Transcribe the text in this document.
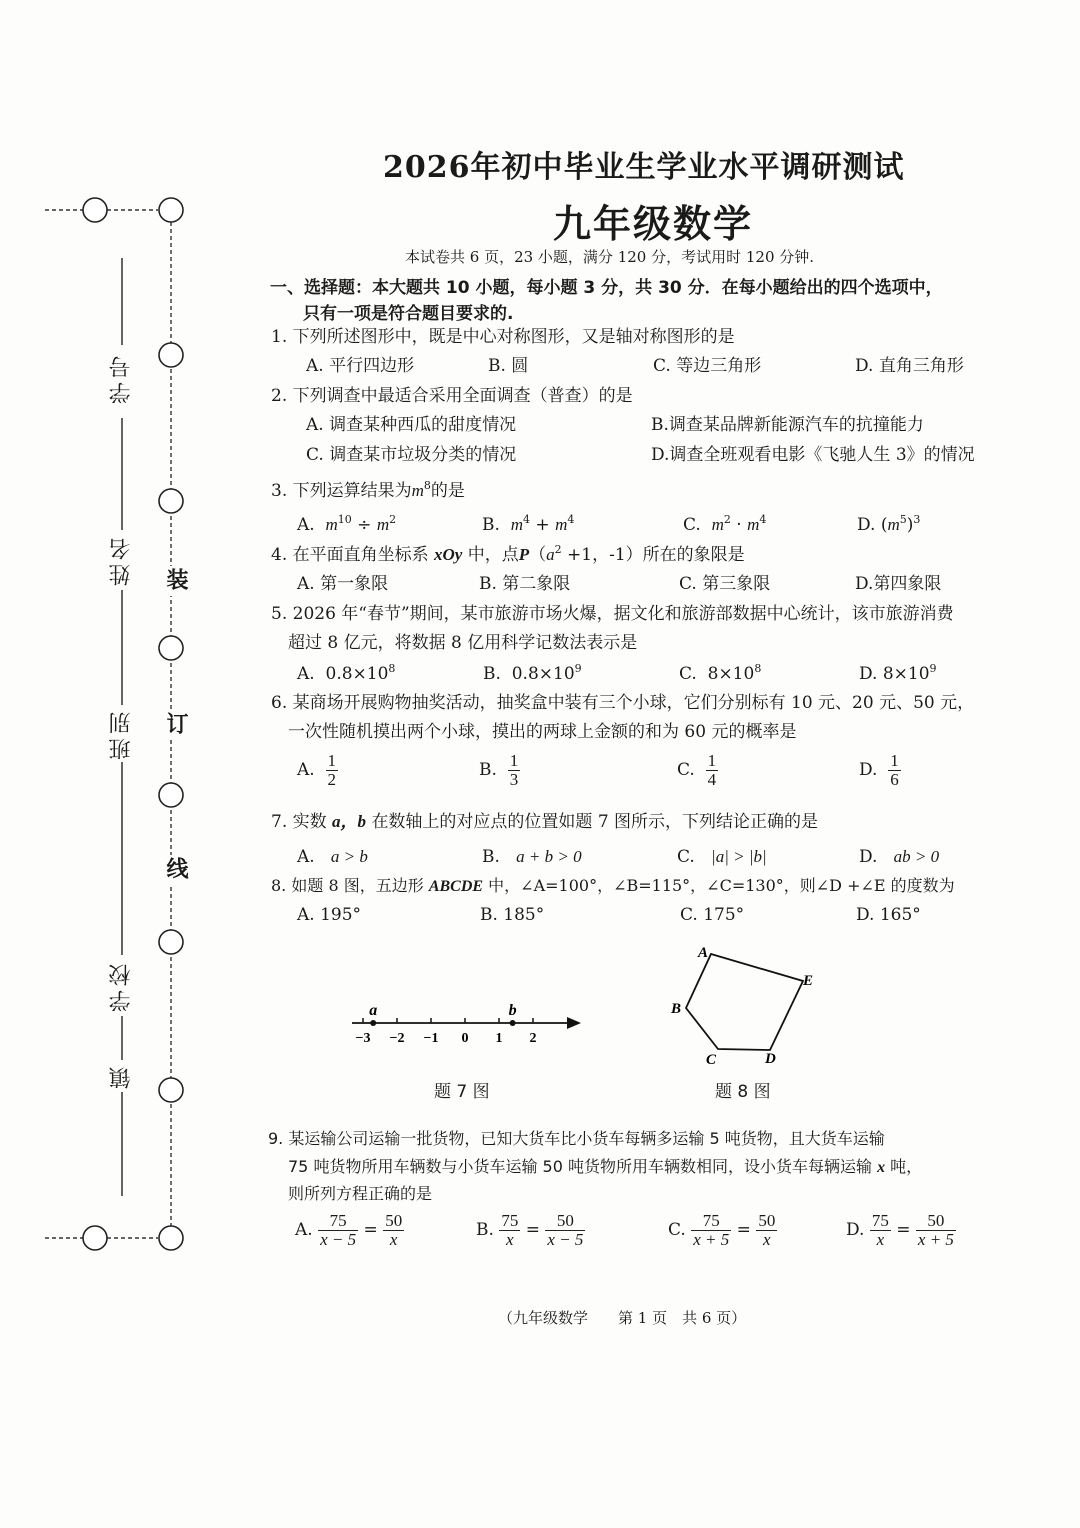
学号
姓名
班别
学校
镇
装
订
线
2026年初中毕业生学业水平调研测试
九年级数学
本试卷共 6 页，23 小题，满分 120 分，考试用时 120 分钟.
一、选择题：本大题共 10 小题，每小题 3 分，共 30 分．在每小题给出的四个选项中，
只有一项是符合题目要求的.
1. 下列所述图形中，既是中心对称图形，又是轴对称图形的是
A. 平行四边形	B. 圆	C. 等边三角形	D. 直角三角形
2. 下列调查中最适合采用全面调查（普查）的是
A. 调查某种西瓜的甜度情况	B.调查某品牌新能源汽车的抗撞能力
C. 调查某市垃圾分类的情况	D.调查全班观看电影《飞驰人生 3》的情况
3. 下列运算结果为$m^8$的是
A. $m^{10} \div m^2$	B. $m^4 + m^4$	C. $m^2 \cdot m^4$	D. $(m^5)^3$
4. 在平面直角坐标系 xOy 中，点$P(a^2 +1$，-1）所在的象限是
A. 第一象限	B. 第二象限	C. 第三象限	D.第四象限
5. 2026 年“春节”期间，某市旅游市场火爆，据文化和旅游部数据中心统计，该市旅游消费
超过 8 亿元，将数据 8 亿用科学记数法表示是
A. $0.8\times 10^8$	B. $0.8\times 10^9$	C. $8\times 10^8$	D. $8\times 10^9$
6. 某商场开展购物抽奖活动，抽奖盒中装有三个小球，它们分别标有 10 元、20 元、50 元，
一次性随机摸出两个小球，摸出的两球上金额的和为 60 元的概率是
A. $\frac{1}{2}$	B. $\frac{1}{3}$	C. $\frac{1}{4}$	D. $\frac{1}{6}$
7. 实数 a，b 在数轴上的对应点的位置如题 7 图所示，下列结论正确的是
A. a > b	B. a + b > 0	C. |a| > |b|	D. ab > 0
8. 如题 8 图，五边形 ABCDE 中，∠A=100°，∠B=115°，∠C=130°，则∠D +∠E 的度数为
A. 195°	B. 185°	C. 175°	D. 165°
−3 −2 −1 0 1 2
a	b
题 7 图
A
B
C	D
E
题 8 图
9. 某运输公司运输一批货物，已知大货车比小货车每辆多运输 5 吨货物，且大货车运输
75 吨货物所用车辆数与小货车运输 50 吨货物所用车辆数相同，设小货车每辆运输 x 吨，
则所列方程正确的是
A. $\frac{75}{x - 5} = \frac{50}{x}$	B. $\frac{75}{x} = \frac{50}{x - 5}$	C. $\frac{75}{x + 5} = \frac{50}{x}$	D. $\frac{75}{x} = \frac{50}{x + 5}$
（九年级数学　　第 1 页　共 6 页）
